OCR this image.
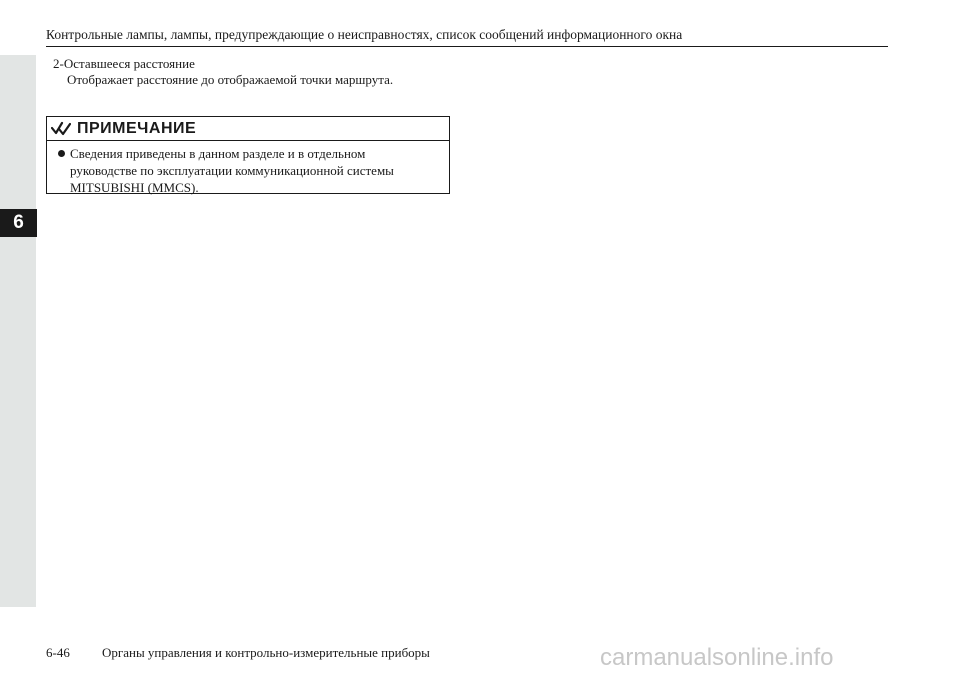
6
Контрольные лампы, лампы, предупреждающие о неисправностях, список сообщений информационного окна
2-Оставшееся расстояние
Отображает расстояние до отображаемой точки маршрута.
ПРИМЕЧАНИЕ
Сведения приведены в данном разделе и в отдельном
руководстве по эксплуатации коммуникационной системы
MITSUBISHI (MMCS).
6-46 Органы управления и контрольно-измерительные приборы	carmanualsonline.info
